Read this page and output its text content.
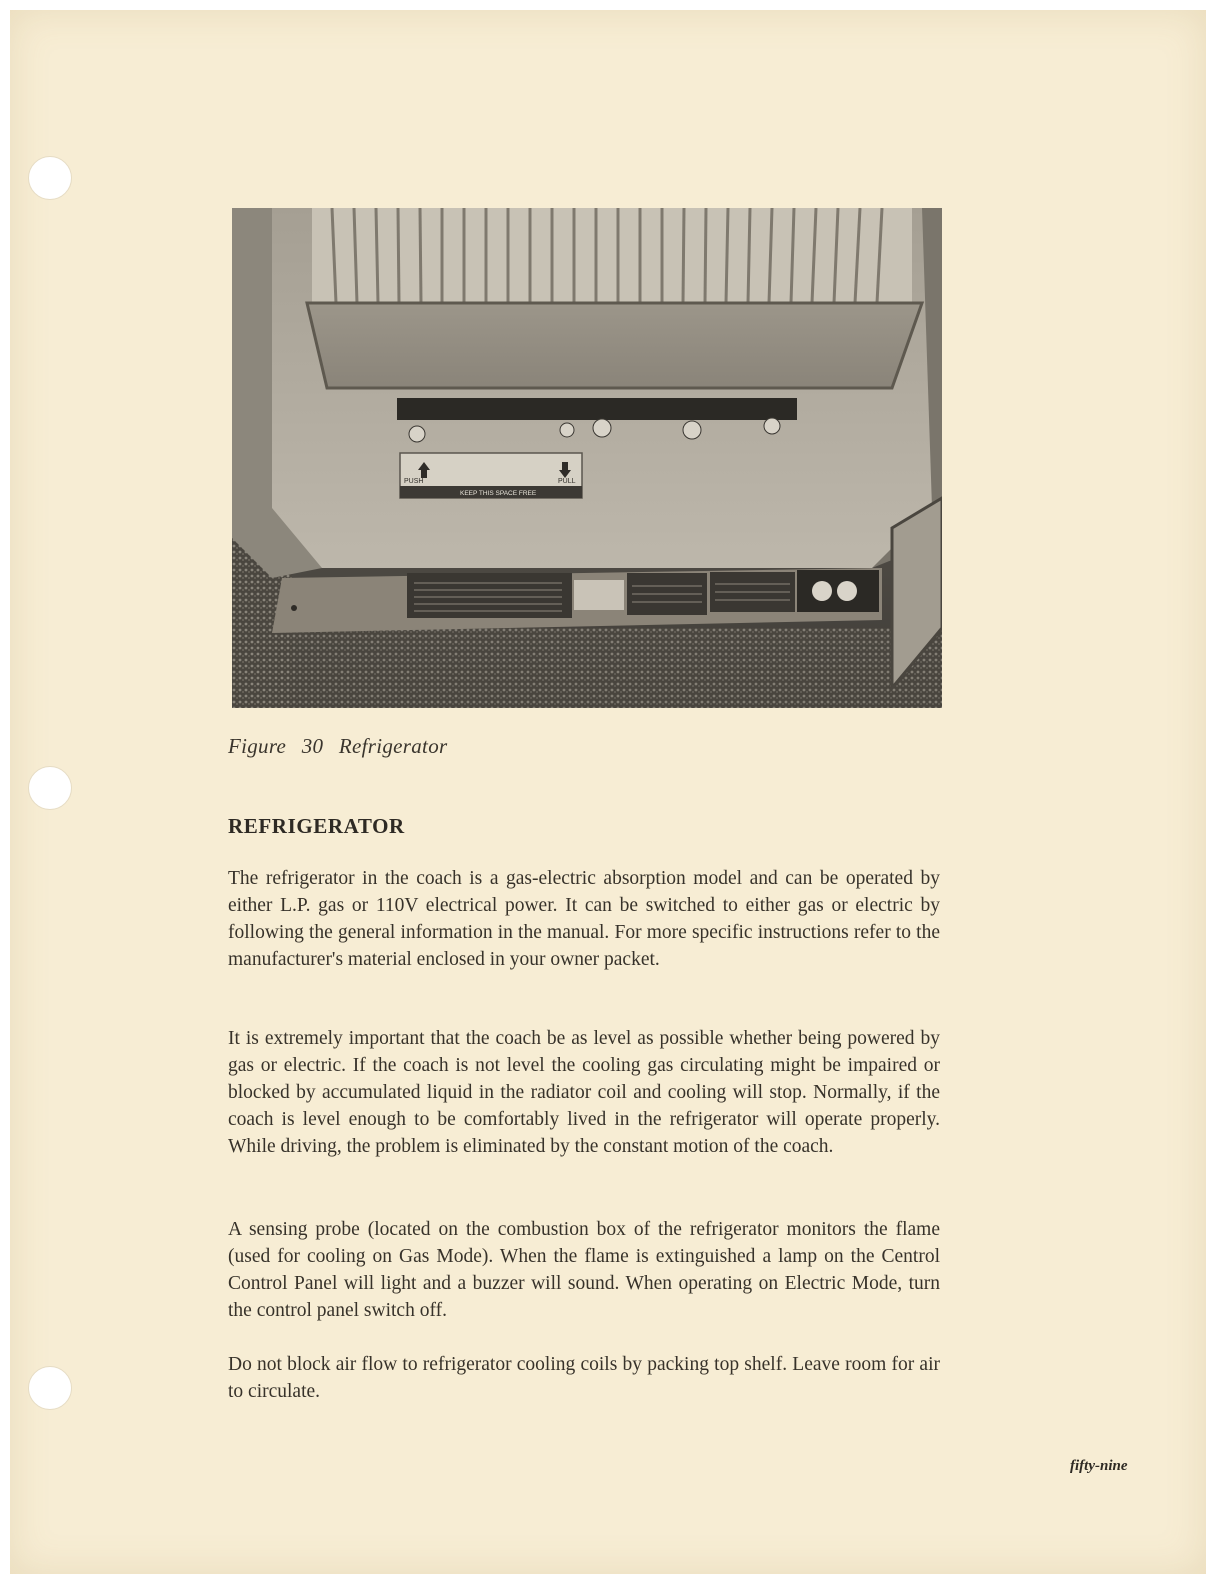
PUSH	PULL
KEEP THIS SPACE FREE
Figure 30 Refrigerator
REFRIGERATOR

The refrigerator in the coach is a gas-electric absorption model and can be operated by either L.P. gas or 110V electrical power. It can be switched to either gas or electric by following the general information in the manual. For more specific instructions refer to the manufacturer's material enclosed in your owner packet.

It is extremely important that the coach be as level as possible whether being powered by gas or electric. If the coach is not level the cooling gas circulating might be impaired or blocked by accumulated liquid in the radiator coil and cooling will stop. Normally, if the coach is level enough to be comfortably lived in the refrigerator will operate properly. While driving, the problem is eliminated by the constant motion of the coach.

A sensing probe (located on the combustion box of the refrigerator monitors the flame (used for cooling on Gas Mode). When the flame is extinguished a lamp on the Centrol Control Panel will light and a buzzer will sound. When operating on Electric Mode, turn the control panel switch off.

Do not block air flow to refrigerator cooling coils by packing top shelf. Leave room for air to circulate.

fifty-nine
